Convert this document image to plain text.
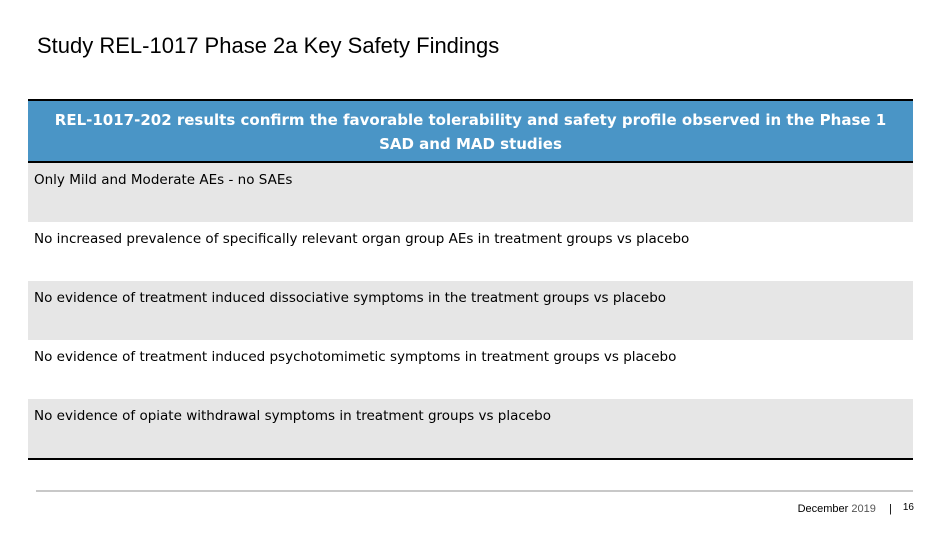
Study REL-1017 Phase 2a Key Safety Findings
REL-1017-202 results confirm the favorable tolerability and safety profile observed in the Phase 1 SAD and MAD studies
Only Mild and Moderate AEs - no SAEs
No increased prevalence of specifically relevant organ group AEs in treatment groups vs placebo
No evidence of treatment induced dissociative symptoms in the treatment groups vs placebo
No evidence of treatment induced psychotomimetic symptoms in treatment groups vs placebo
No evidence of opiate withdrawal symptoms in treatment groups vs placebo
December 2019 | 16
